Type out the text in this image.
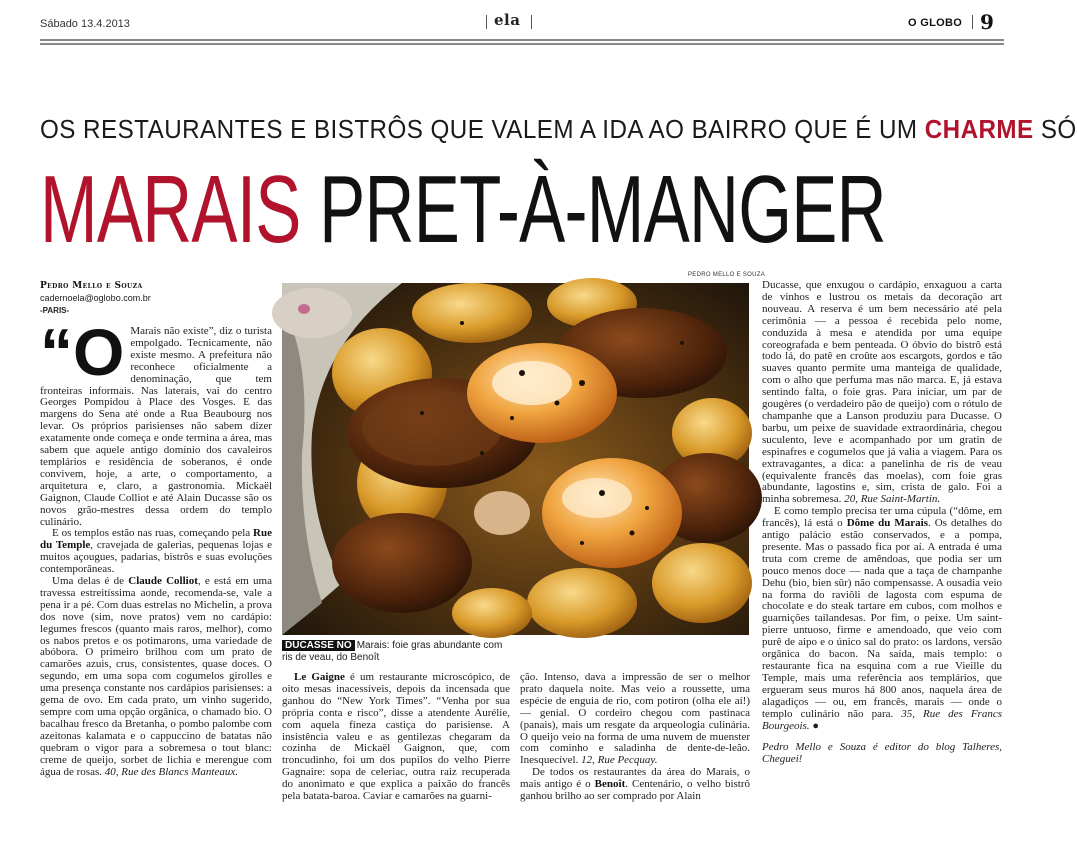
Sábado 13.4.2013	ela	O GLOBO 9
OS RESTAURANTES E BISTRÔS QUE VALEM A IDA AO BAIRRO QUE É UM CHARME SÓ
MARAIS PRET-À-MANGER
Pedro Mello e Souza
cadernoela@oglobo.com.br
-PARIS-

“O Marais não existe”, diz o turista empolgado. Tecnicamente, não existe mesmo. A prefeitura não reconhece oficialmente a denominação, que tem fronteiras informais. Nas laterais, vai do centro Georges Pompidou à Place des Vosges. E das margens do Sena até onde a Rua Beaubourg nos levar. Os próprios parisienses não sabem dizer exatamente onde começa e onde termina a área, mas sabem que aquele antigo domínio dos cavaleiros templários e residência de soberanos, é onde convivem, hoje, a arte, o comportamento, a arquitetura e, claro, a gastronomia. Mickaël Gaignon, Claude Colliot e até Alain Ducasse são os novos grão-mestres dessa ordem do templo culinário.

E os templos estão nas ruas, começando pela Rue du Temple, cravejada de galerias, pequenas lojas e muitos açougues, padarias, bistrôs e suas evoluções contemporâneas.

Uma delas é de Claude Colliot, e está em uma travessa estreitíssima aonde, recomenda-se, vale a pena ir a pé. Com duas estrelas no Michelin, a prova dos nove (sim, nove pratos) vem no cardápio: legumes frescos (quanto mais raros, melhor), como os nabos pretos e os potimarons, uma variedade de abóbora. O primeiro brilhou com um prato de camarões azuis, crus, consistentes, quase doces. O segundo, em uma sopa com cogumelos girolles e uma presença constante nos cardápios parisienses: a gema de ovo. Em cada prato, um vinho sugerido, sempre com uma opção orgânica, o chamado bio. O bacalhau fresco da Bretanha, o pombo palombe com azeitonas kalamata e o cappuccino de batatas não quebram o vigor para a sobremesa o tout blanc: creme de queijo, sorbet de lichia e merengue com água de rosas. 40, Rue des Blancs Manteaux.

PEDRO MELLO E SOUZA
DUCASSE NO Marais: foie gras abundante com ris de veau, do Benoît

Le Gaigne é um restaurante microscópico, de oito mesas inacessíveis, depois da incensada que ganhou do “New York Times”. “Venha por sua própria conta e risco”, disse a atendente Aurélie, com aquela fineza castiça do parisiense. A insistência valeu e as gentilezas chegaram da cozinha de Mickaël Gaignon, que, com troncudinho, foi um dos pupilos do velho Pierre Gagnaire: sopa de celeriac, outra raiz recuperada do anonimato e que explica a paixão do francês pela batata-baroa. Caviar e camarões na guarni-

ção. Intenso, dava a impressão de ser o melhor prato daquela noite. Mas veio a roussette, uma espécie de enguia de rio, com potiron (olha ele aí!) — genial. O cordeiro chegou com pastinaca (panais), mais um resgate da arqueologia culinária. O queijo veio na forma de uma nuvem de muenster com cominho e saladinha de dente-de-leão. Inesquecível. 12, Rue Pecquay.

De todos os restaurantes da área do Marais, o mais antigo é o Benoît. Centenário, o velho bistrô ganhou brilho ao ser comprado por Alain

Ducasse, que enxugou o cardápio, enxaguou a carta de vinhos e lustrou os metais da decoração art nouveau. A reserva é um bem necessário até pela cerimônia — a pessoa é recebida pelo nome, conduzida à mesa e atendida por uma equipe coreografada e bem penteada. O óbvio do bistrô está todo lá, do patê en croûte aos escargots, gordos e tão suaves quanto permite uma manteiga de qualidade, com o alho que perfuma mas não marca. E, já estava sentindo falta, o foie gras. Para iniciar, um par de gougères (o verdadeiro pão de queijo) com o rótulo de champanhe que a Lanson produziu para Ducasse. O barbu, um peixe de suavidade extraordinária, chegou suculento, leve e acompanhado por um gratin de espinafres e cogumelos que já valia a viagem. Para os extravagantes, a dica: a panelinha de ris de veau (equivalente francês das moelas), com foie gras abundante, lagostins e, sim, crista de galo. Foi a minha sobremesa. 20, Rue Saint-Martin.

E como templo precisa ter uma cúpula (“dôme, em francês), lá está o Dôme du Marais. Os detalhes do antigo palácio estão conservados, e a pompa, presente. Mas o passado fica por aí. A entrada é uma truta com creme de amêndoas, que podia ser um pouco menos doce — nada que a taça de champanhe Dehu (bio, bien sûr) não compensasse. A ousadia veio na forma do raviôli de lagosta com espuma de chocolate e do steak tartare em cubos, com molhos e guarnições tailandesas. Por fim, o peixe. Um saint-pierre untuoso, firme e amendoado, que veio com purê de aipo e o único sal do prato: os lardons, versão orgânica do bacon. Na saída, mais templo: o restaurante fica na esquina com a rue Vieille du Temple, mais uma referência aos templários, que ergueram seus muros há 800 anos, naquela área de alagadiços — ou, em francês, marais — onde o templo culinário não para. 35, Rue des Francs Bourgeois. ●

Pedro Mello e Souza é editor do blog Talheres, Cheguei!
